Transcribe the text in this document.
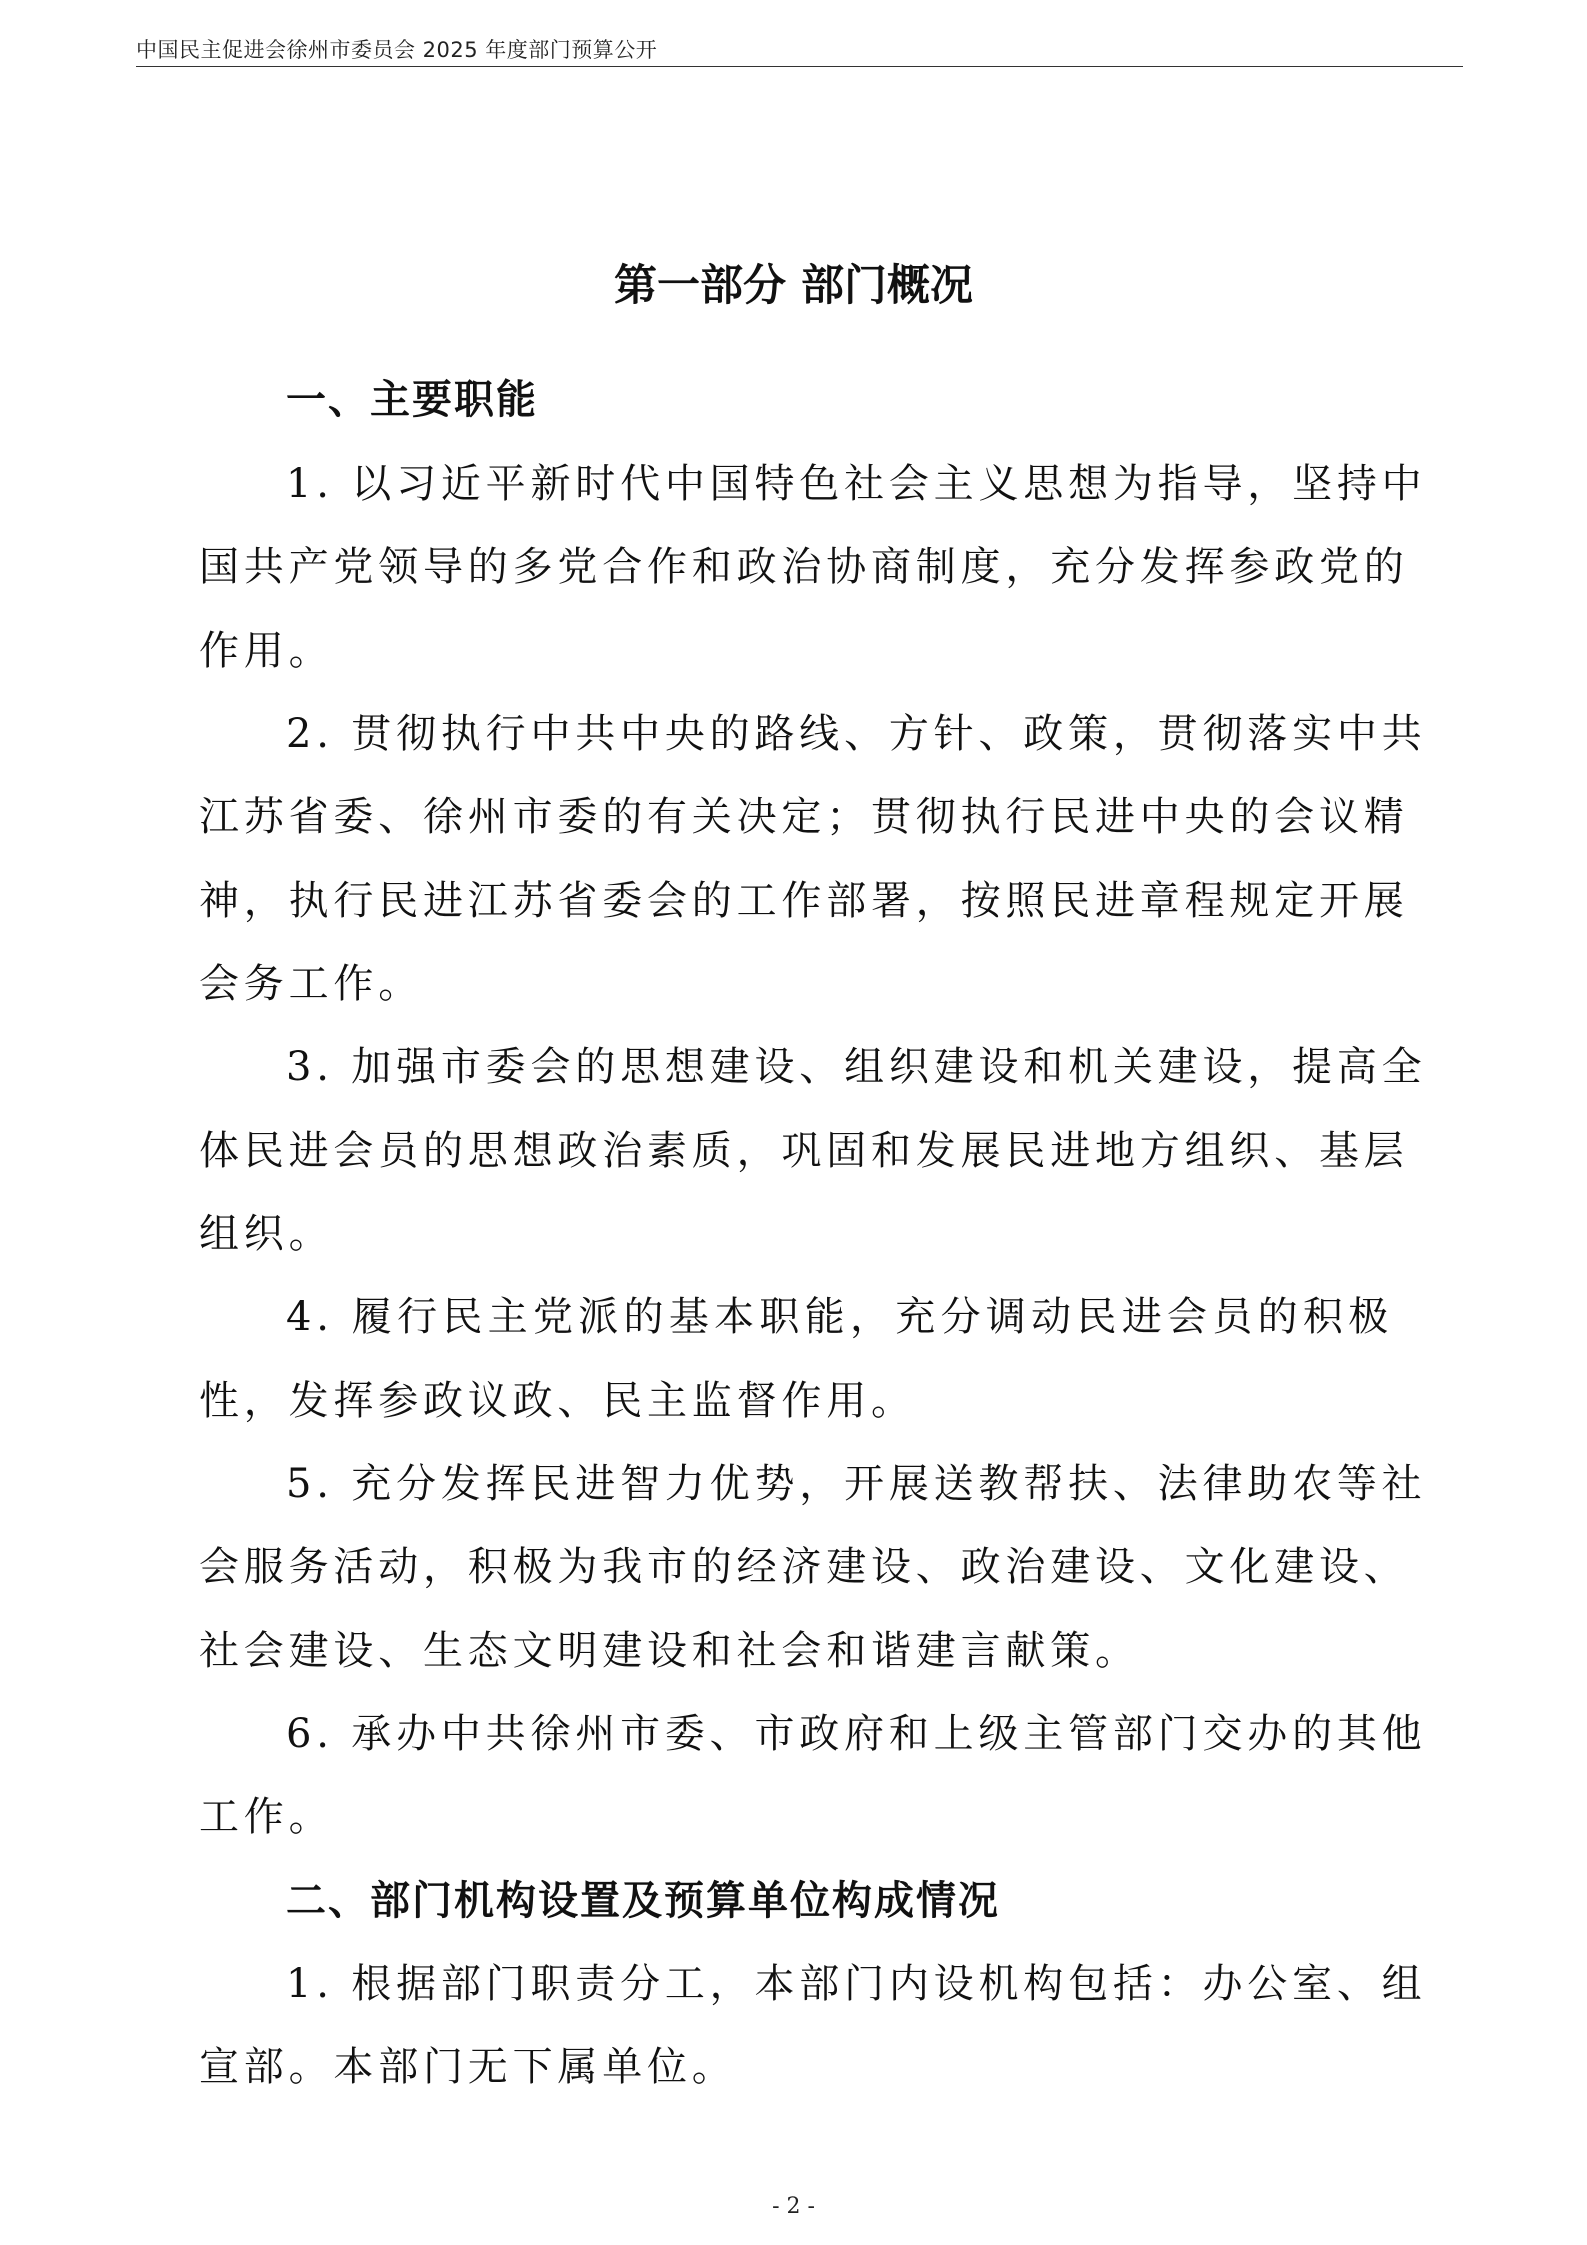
中国民主促进会徐州市委员会 2025 年度部门预算公开
第一部分 部门概况
一、主要职能
1. 以习近平新时代中国特色社会主义思想为指导，坚持中
国共产党领导的多党合作和政治协商制度，充分发挥参政党的
作用。
2. 贯彻执行中共中央的路线、方针、政策，贯彻落实中共
江苏省委、徐州市委的有关决定；贯彻执行民进中央的会议精
神，执行民进江苏省委会的工作部署，按照民进章程规定开展
会务工作。
3. 加强市委会的思想建设、组织建设和机关建设，提高全
体民进会员的思想政治素质，巩固和发展民进地方组织、基层
组织。
4. 履行民主党派的基本职能，充分调动民进会员的积极
性，发挥参政议政、民主监督作用。
5. 充分发挥民进智力优势，开展送教帮扶、法律助农等社
会服务活动，积极为我市的经济建设、政治建设、文化建设、
社会建设、生态文明建设和社会和谐建言献策。
6. 承办中共徐州市委、市政府和上级主管部门交办的其他
工作。
二、部门机构设置及预算单位构成情况
1. 根据部门职责分工，本部门内设机构包括：办公室、组
宣部。本部门无下属单位。
- 2 -
